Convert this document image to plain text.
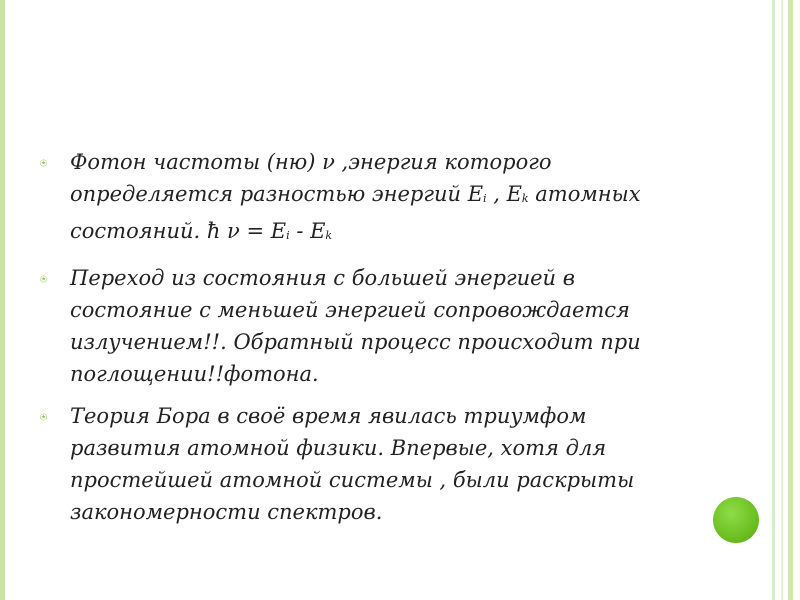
⍟	Фотон частоты (ню) ν ,энергия которого
определяется разностью энергий Ei , Ek атомных
состояний. ħ ν = Ei - Ek
⍟	Переход из состояния с большей энергией в
состояние с меньшей энергией сопровождается
излучением!!. Обратный процесс происходит при
поглощении!!фотона.
⍟	Теория Бора в своё время явилась триумфом
развития атомной физики. Впервые, хотя для
простейшей атомной системы , были раскрыты
закономерности спектров.
